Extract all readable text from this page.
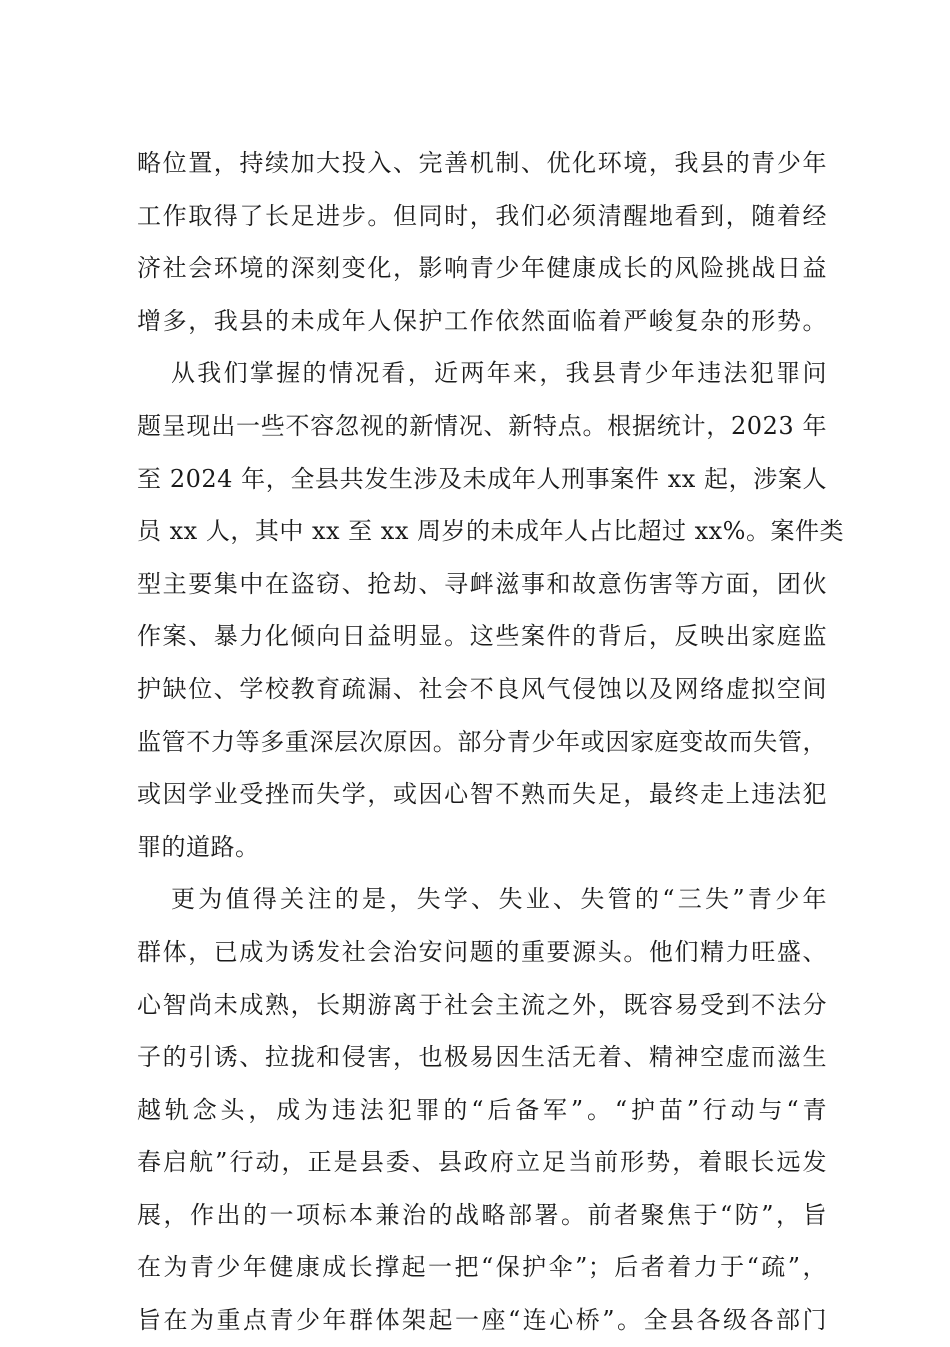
略位置，持续加大投入、完善机制、优化环境，我县的青少年
工作取得了长足进步。但同时，我们必须清醒地看到，随着经
济社会环境的深刻变化，影响青少年健康成长的风险挑战日益
增多，我县的未成年人保护工作依然面临着严峻复杂的形势。
从我们掌握的情况看，近两年来，我县青少年违法犯罪问
题呈现出一些不容忽视的新情况、新特点。根据统计，2023 年
至 2024 年，全县共发生涉及未成年人刑事案件 xx 起，涉案人
员 xx 人，其中 xx 至 xx 周岁的未成年人占比超过 xx%。案件类
型主要集中在盗窃、抢劫、寻衅滋事和故意伤害等方面，团伙
作案、暴力化倾向日益明显。这些案件的背后，反映出家庭监
护缺位、学校教育疏漏、社会不良风气侵蚀以及网络虚拟空间
监管不力等多重深层次原因。部分青少年或因家庭变故而失管，
或因学业受挫而失学，或因心智不熟而失足，最终走上违法犯
罪的道路。
更为值得关注的是，失学、失业、失管的“三失”青少年
群体，已成为诱发社会治安问题的重要源头。他们精力旺盛、
心智尚未成熟，长期游离于社会主流之外，既容易受到不法分
子的引诱、拉拢和侵害，也极易因生活无着、精神空虚而滋生
越轨念头，成为违法犯罪的“后备军”。“护苗”行动与“青
春启航”行动，正是县委、县政府立足当前形势，着眼长远发
展，作出的一项标本兼治的战略部署。前者聚焦于“防”，旨
在为青少年健康成长撑起一把“保护伞”；后者着力于“疏”，
旨在为重点青少年群体架起一座“连心桥”。全县各级各部门
